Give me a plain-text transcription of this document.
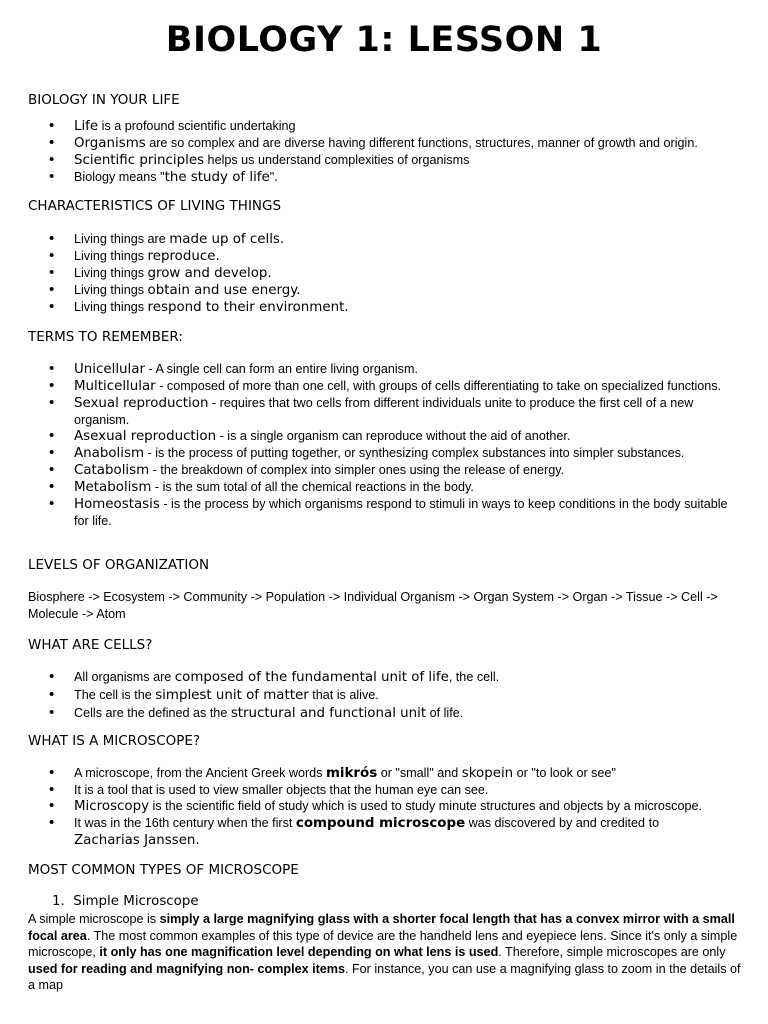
BIOLOGY 1: LESSON 1

BIOLOGY IN YOUR LIFE

• Life is a profound scientific undertaking
• Organisms are so complex and are diverse having different functions, structures, manner of growth and origin.
• Scientific principles helps us understand complexities of organisms
• Biology means "the study of life".

CHARACTERISTICS OF LIVING THINGS

• Living things are made up of cells.
• Living things reproduce.
• Living things grow and develop.
• Living things obtain and use energy.
• Living things respond to their environment.

TERMS TO REMEMBER:

• Unicellular - A single cell can form an entire living organism.
• Multicellular - composed of more than one cell, with groups of cells differentiating to take on specialized functions.
• Sexual reproduction - requires that two cells from different individuals unite to produce the first cell of a new organism.
• Asexual reproduction - is a single organism can reproduce without the aid of another.
• Anabolism - is the process of putting together, or synthesizing complex substances into simpler substances.
• Catabolism - the breakdown of complex into simpler ones using the release of energy.
• Metabolism - is the sum total of all the chemical reactions in the body.
• Homeostasis - is the process by which organisms respond to stimuli in ways to keep conditions in the body suitable for life.

LEVELS OF ORGANIZATION

Biosphere -> Ecosystem -> Community -> Population -> Individual Organism -> Organ System -> Organ -> Tissue -> Cell -> Molecule -> Atom

WHAT ARE CELLS?

• All organisms are composed of the fundamental unit of life, the cell.
• The cell is the simplest unit of matter that is alive.
• Cells are the defined as the structural and functional unit of life.

WHAT IS A MICROSCOPE?

• A microscope, from the Ancient Greek words mikrós or "small" and skopein or "to look or see"
• It is a tool that is used to view smaller objects that the human eye can see.
• Microscopy is the scientific field of study which is used to study minute structures and objects by a microscope.
• It was in the 16th century when the first compound microscope was discovered by and credited to
Zacharias Janssen.

MOST COMMON TYPES OF MICROSCOPE

1. Simple Microscope

A simple microscope is simply a large magnifying glass with a shorter focal length that has a convex mirror with a small focal area. The most common examples of this type of device are the handheld lens and eyepiece lens. Since it's only a simple microscope, it only has one magnification level depending on what lens is used. Therefore, simple microscopes are only used for reading and magnifying non- complex items. For instance, you can use a magnifying glass to zoom in the details of a map
